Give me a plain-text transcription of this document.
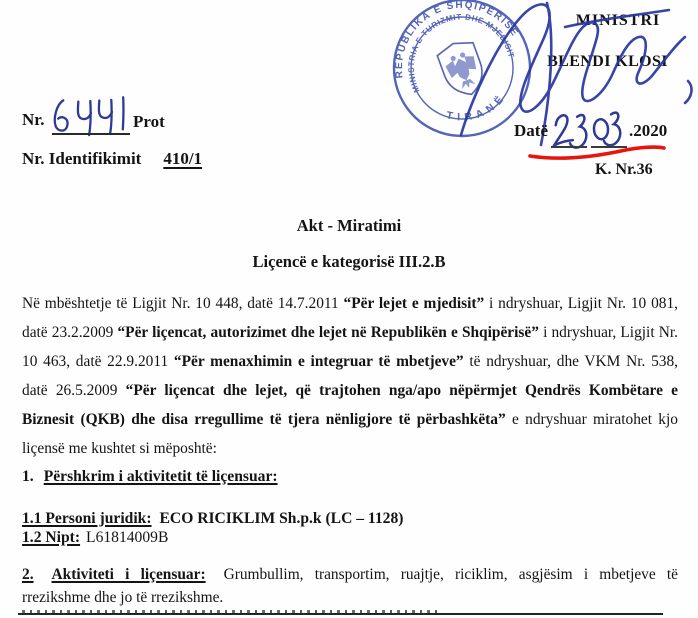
REPUBLIKA E SHQIPËRISË
MINISTRIA E TURIZMIT DHE MJEDISIT
TIRANË
MINISTRI
BLENDI KLOSI
Nr.	Prot
Nr. Identifikimit 410/1
Datë	.2020
K. Nr.36
Akt - Miratimi
Liçencë e kategorisë III.2.B
Në mbështetje të Ligjit Nr. 10 448, datë 14.7.2011 “Për lejet e mjedisit” i ndryshuar, Ligjit Nr. 10 081, datë 23.2.2009 “Për liçencat, autorizimet dhe lejet në Republikën e Shqipërisë” i ndryshuar, Ligjit Nr. 10 463, datë 22.9.2011 “Për menaxhimin e integruar të mbetjeve” të ndryshuar, dhe VKM Nr. 538, datë 26.5.2009 “Për liçencat dhe lejet, që trajtohen nga/apo nëpërmjet Qendrës Kombëtare e Biznesit (QKB) dhe disa rregullime të tjera nënligjore të përbashkëta” e ndryshuar miratohet kjo liçensë me kushtet si mëposhtë:
1. Përshkrim i aktivitetit të liçensuar:
1.1 Personi juridik: ECO RICIKLIM Sh.p.k (LC – 1128)
1.2 Nipt: L61814009B
2. Aktiviteti i liçensuar: Grumbullim, transportim, ruajtje, riciklim, asgjësim i mbetjeve të rrezikshme dhe jo të rrezikshme.
